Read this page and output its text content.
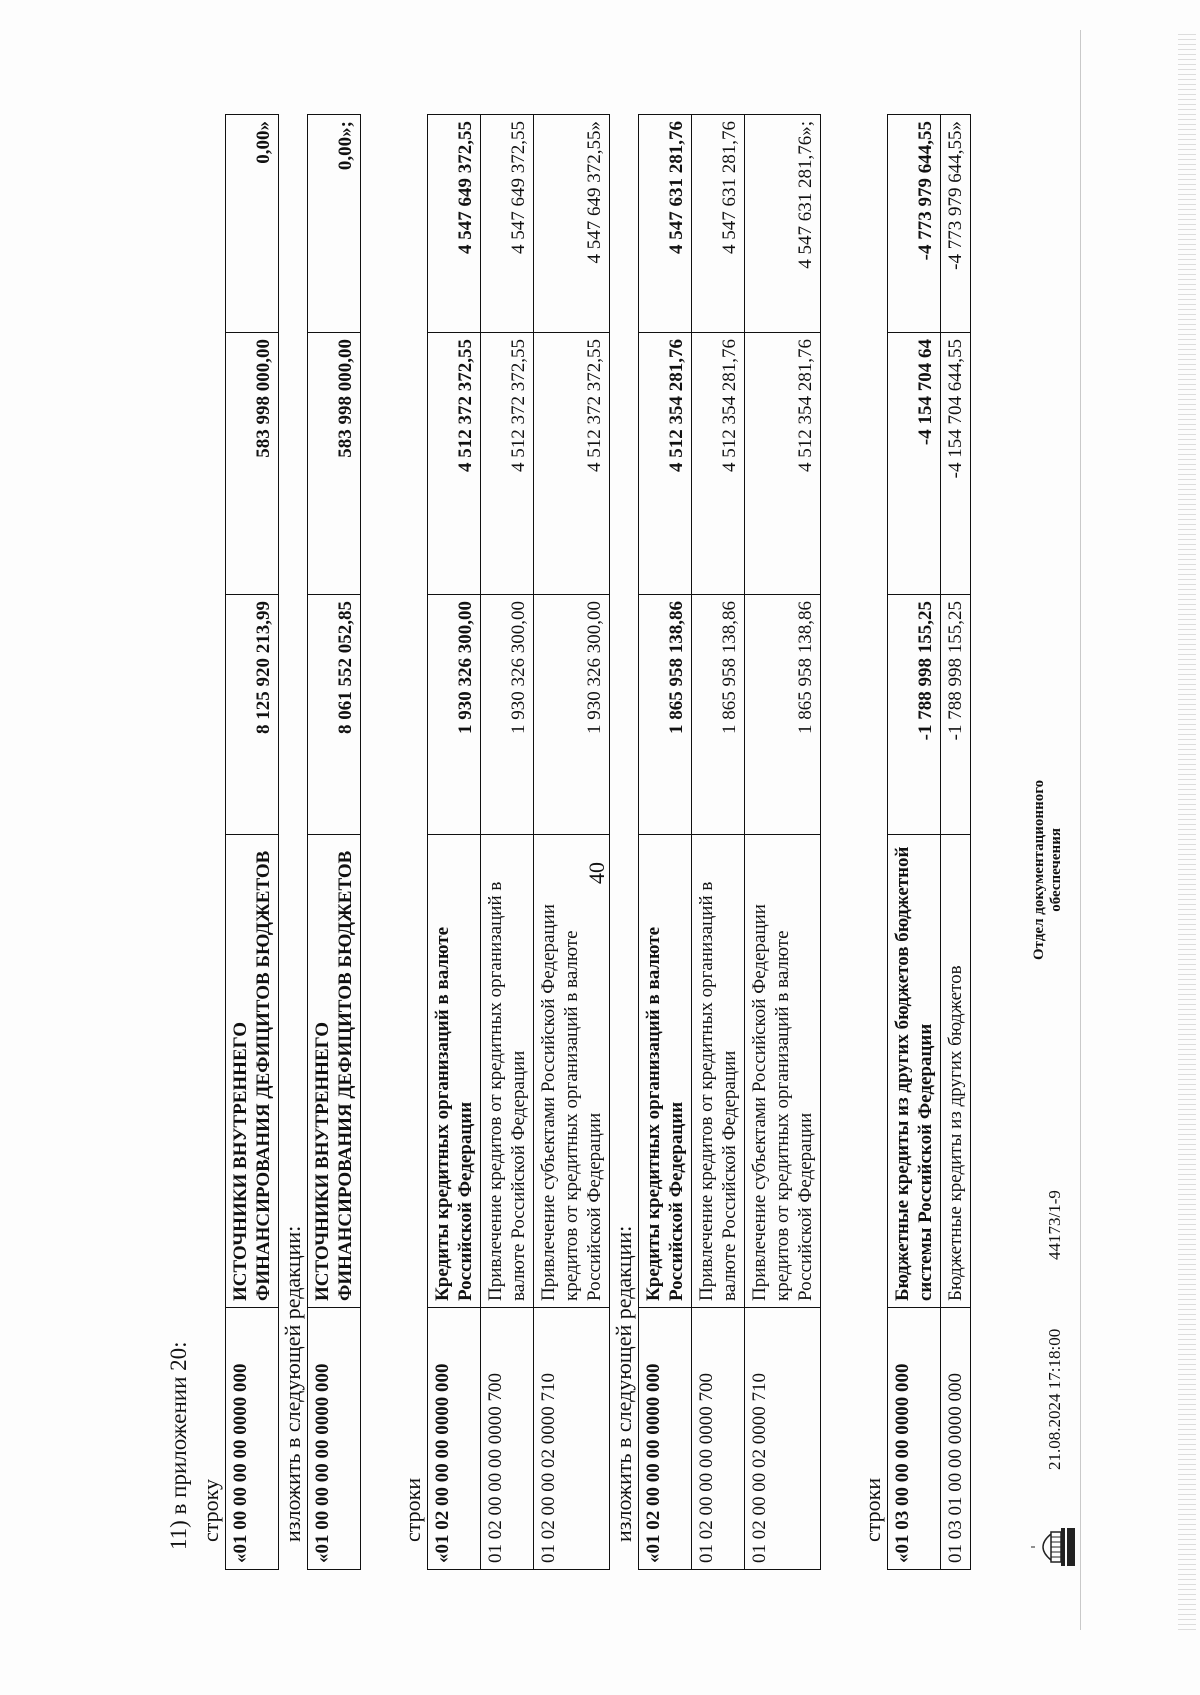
40
11) в приложении 20: строку «01 00 00 00 00 0000 000	ИСТОЧНИКИ ВНУТРЕННЕГО ФИНАНСИРОВАНИЯ ДЕФИЦИТОВ БЮДЖЕТОВ	8 125 920 213,99	583 998 000,00	0,00»
изложить в следующей редакции: «01 00 00 00 00 0000 000	ИСТОЧНИКИ ВНУТРЕННЕГО ФИНАНСИРОВАНИЯ ДЕФИЦИТОВ БЮДЖЕТОВ	8 061 552 052,85	583 998 000,00	0,00»;
строки «01 02 00 00 00 0000 000	Кредиты кредитных организаций в валюте Российской Федерации	1 930 326 300,00	4 512 372 372,55	4 547 649 372,55
01 02 00 00 00 0000 700	Привлечение кредитов от кредитных организаций в валюте Российской Федерации	1 930 326 300,00	4 512 372 372,55	4 547 649 372,55
01 02 00 00 02 0000 710	Привлечение субъектами Российской Федерации кредитов от кредитных организаций в валюте Российской Федерации	1 930 326 300,00	4 512 372 372,55	4 547 649 372,55»
изложить в следующей редакции: «01 02 00 00 00 0000 000	Кредиты кредитных организаций в валюте Российской Федерации	1 865 958 138,86	4 512 354 281,76	4 547 631 281,76
01 02 00 00 00 0000 700	Привлечение кредитов от кредитных организаций в валюте Российской Федерации	1 865 958 138,86	4 512 354 281,76	4 547 631 281,76
01 02 00 00 02 0000 710	Привлечение субъектами Российской Федерации кредитов от кредитных организаций в валюте Российской Федерации	1 865 958 138,86	4 512 354 281,76	4 547 631 281,76»;
строки «01 03 00 00 00 0000 000	Бюджетные кредиты из других бюджетов бюджетной системы Российской Федерации	-1 788 998 155,25	-4 154 704 64	-4 773 979 644,55
01 03 01 00 00 0000 000	Бюджетные кредиты из других бюджетов	-1 788 998 155,25	-4 154 704 644,55	-4 773 979 644,55»
21.08.2024 17:18:00
44173/1-9
Отдел документационного обеспечения
